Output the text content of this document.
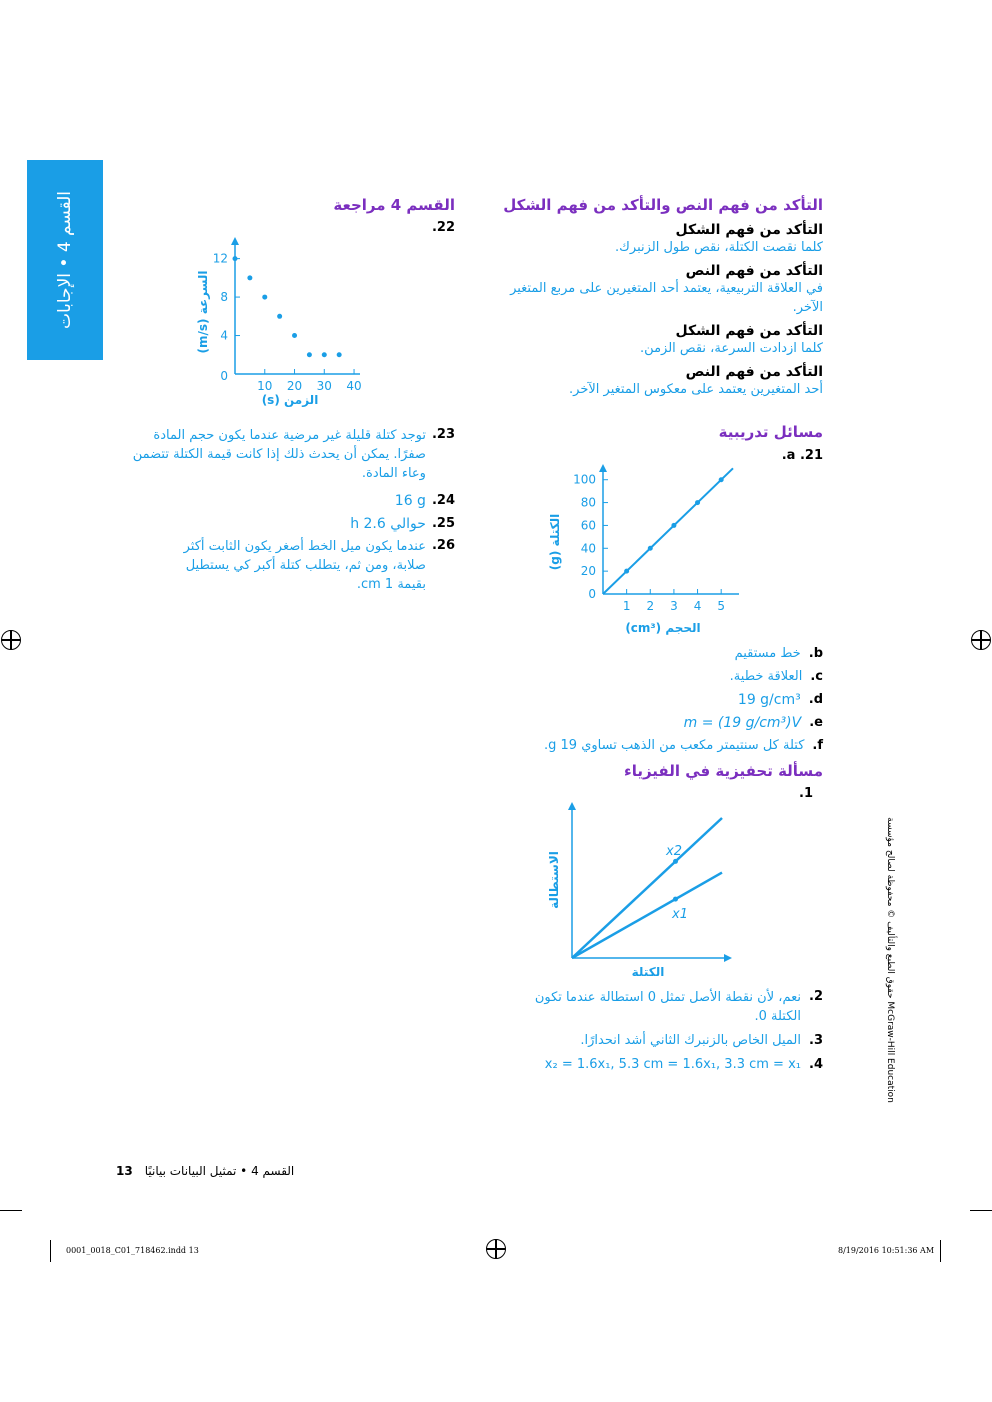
القسم 4 • الإجابات	التأكد من فهم النص والتأكد من فهم الشكل
التأكد من فهم الشكل
كلما نقصت الكتلة، نقص طول الزنبرك.
التأكد من فهم النص
في العلاقة التربيعية، يعتمد أحد المتغيرين على مربع المتغير الآخر.
التأكد من فهم الشكل
كلما ازدادت السرعة، نقص الزمن.
التأكد من فهم النص
أحد المتغيرين يعتمد على معكوس المتغير الآخر.
مسائل تدريبية
21. a.
1 2 3 4 5
0
20
40
60
80
100
الحجم (cm³)
الكتلة (g)
b.
خط مستقيم
c.
العلاقة خطية.
d.
19 g/cm³
e.
m = (19 g/cm³)V
f.
كتلة كل سنتيمتر مكعب من الذهب تساوي 19 g.
مسألة تحفيزية في الفيزياء
1.
x2
x1
الكتلة
الاستطالة
2.
نعم، لأن نقطة الأصل تمثل 0 استطالة عندما تكون الكتلة 0.
3.
الميل الخاص بالزنبرك الثاني أشد انحدارًا.
4.
x₂ = 1.6x₁, 5.3 cm = 1.6x₁, 3.3 cm = x₁
القسم 4 مراجعة
22.
10 20 30 40
0
4
8
12
الزمن (s)
السرعة (m/s)
23.
توجد كتلة قليلة غير مرضية عندما يكون حجم المادة صفرًا. يمكن أن يحدث ذلك إذا كانت قيمة الكتلة تتضمن وعاء المادة.
24.
16 g
25.
حوالي 2.6 h
26.
عندما يكون ميل الخط أصغر يكون الثابت أكثر صلابة، ومن ثم، يتطلب كتلة أكبر كي يستطيل بقيمة 1 cm.
حقوق الطبع والتأليف © محفوظة لصالح مؤسسة McGraw-Hill Education
13 القسم 4 • تمثيل البيانات بيانيًا
0001_0018_C01_718462.indd 13	8/19/2016 10:51:36 AM
